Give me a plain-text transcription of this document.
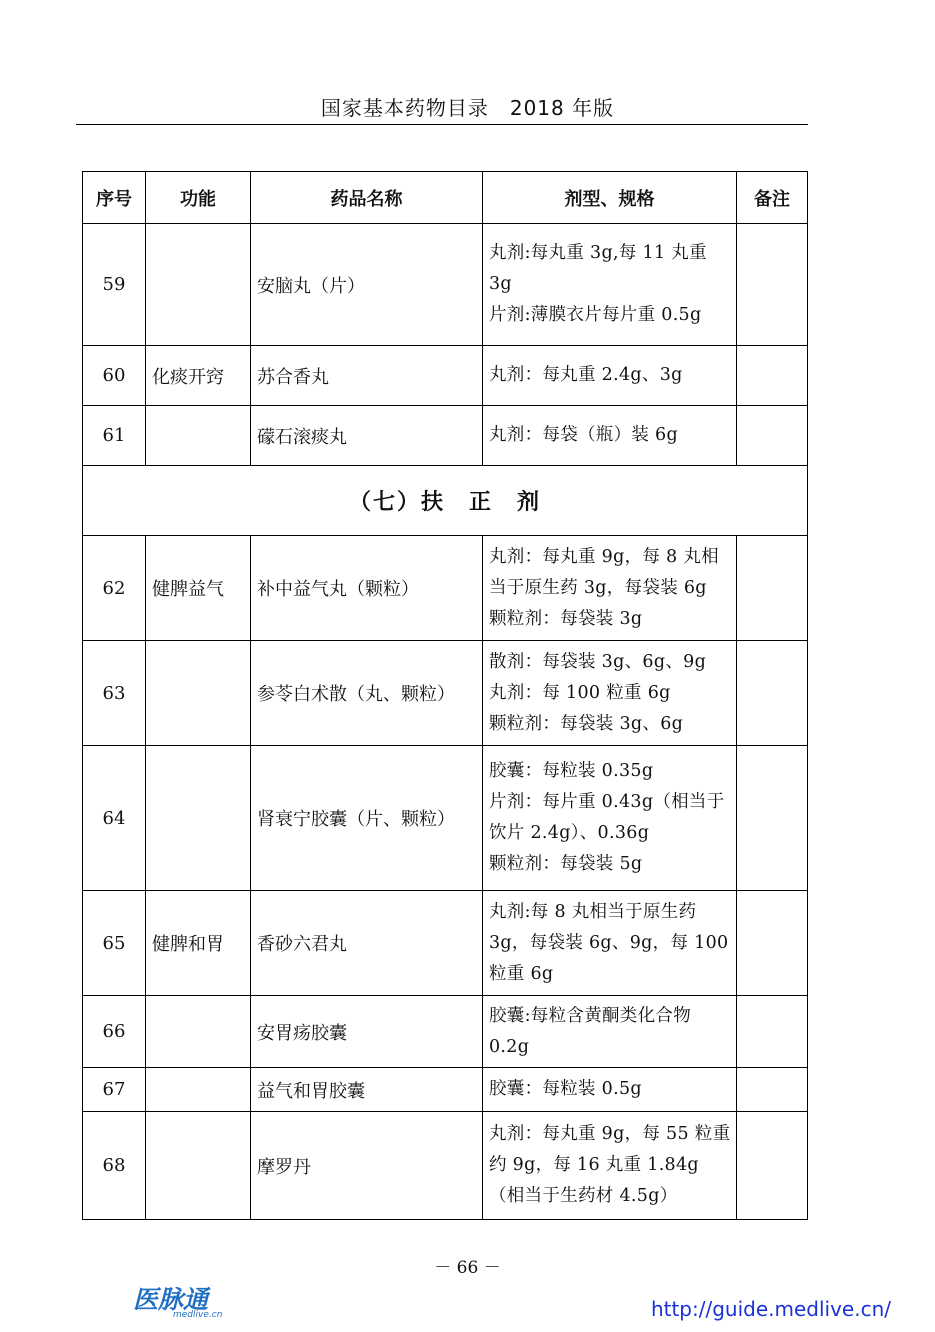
国家基本药物目录　2018 年版
序号	功能	药品名称	剂型、规格	备注
59		安脑丸（片）	丸剂:每丸重 3g,每 11 丸重 3g
片剂:薄膜衣片每片重 0.5g	

60	化痰开窍	苏合香丸	丸剂：每丸重 2.4g、3g	

61		礞石滚痰丸	丸剂：每袋（瓶）装 6g	

（七）扶　正　剂				
62	健脾益气	补中益气丸（颗粒）	丸剂：每丸重 9g，每 8 丸相当于原生药 3g，每袋装 6g
颗粒剂：每袋装 3g	

63		参苓白术散（丸、颗粒）	散剂：每袋装 3g、6g、9g
丸剂：每 100 粒重 6g
颗粒剂：每袋装 3g、6g	

64		肾衰宁胶囊（片、颗粒）	胶囊：每粒装 0.35g
片剂：每片重 0.43g（相当于饮片 2.4g）、0.36g
颗粒剂：每袋装 5g	

65	健脾和胃	香砂六君丸	丸剂:每 8 丸相当于原生药 3g，每袋装 6g、9g，每 100 粒重 6g	

66		安胃疡胶囊	胶囊:每粒含黄酮类化合物 0.2g	

67		益气和胃胶囊	胶囊：每粒装 0.5g	

68		摩罗丹	丸剂：每丸重 9g，每 55 粒重约 9g，每 16 丸重 1.84g（相当于生药材 4.5g）	

－ 66 －
医脉通
medlive.cn	http://guide.medlive.cn/
